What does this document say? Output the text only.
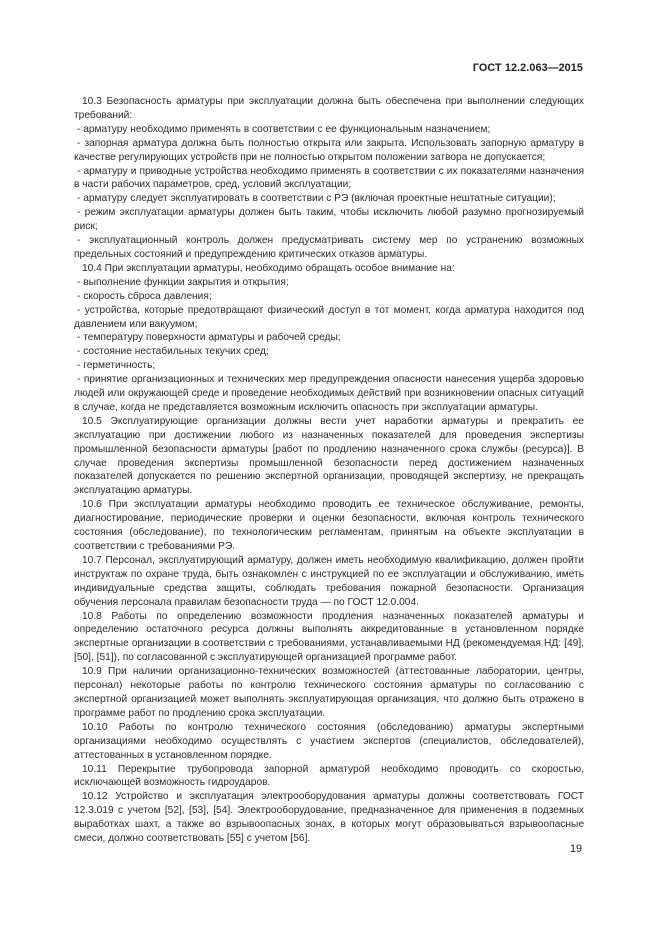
ГОСТ 12.2.063—2015

10.3 Безопасность арматуры при эксплуатации должна быть обеспечена при выполнении следующих требований:

- арматуру необходимо применять в соответствии с ее функциональным назначением;

- запорная арматура должна быть полностью открыта или закрыта. Использовать запорную арматуру в качестве регулирующих устройств при не полностью открытом положении затвора не допускается;

- арматуру и приводные устройства необходимо применять в соответствии с их показателями назначения в части рабочих параметров, сред, условий эксплуатации;

- арматуру следует эксплуатировать в соответствии с РЭ (включая проектные нештатные ситуации);

- режим эксплуатации арматуры должен быть таким, чтобы исключить любой разумно прогнозируемый риск;

- эксплуатационный контроль должен предусматривать систему мер по устранению возможных предельных состояний и предупреждению критических отказов арматуры.

10.4 При эксплуатации арматуры, необходимо обращать особое внимание на:

- выполнение функции закрытия и открытия;

- скорость сброса давления;

- устройства, которые предотвращают физический доступ в тот момент, когда арматура находится под давлением или вакуумом;

- температуру поверхности арматуры и рабочей среды;

- состояние нестабильных текучих сред;

- герметичность;

- принятие организационных и технических мер предупреждения опасности нанесения ущерба здоровью людей или окружающей среде и проведение необходимых действий при возникновении опасных ситуаций в случае, когда не представляется возможным исключить опасность при эксплуатации арматуры.

10.5 Эксплуатирующие организации должны вести учет наработки арматуры и прекратить ее эксплуатацию при достижении любого из назначенных показателей для проведения экспертизы промышленной безопасности арматуры [работ по продлению назначенного срока службы (ресурса)]. В случае проведения экспертизы промышленной безопасности перед достижением назначенных показателей допускается по решению экспертной организации, проводящей экспертизу, не прекращать эксплуатацию арматуры.

10.6 При эксплуатации арматуры необходимо проводить ее техническое обслуживание, ремонты, диагностирование, периодические проверки и оценки безопасности, включая контроль технического состояния (обследование), по технологическим регламентам, принятым на объекте эксплуатации в соответствии с требованиями РЭ.

10.7 Персонал, эксплуатирующий арматуру, должен иметь необходимую квалификацию, должен пройти инструктаж по охране труда, быть ознакомлен с инструкцией по ее эксплуатации и обслуживанию, иметь индивидуальные средства защиты, соблюдать требования пожарной безопасности. Организация обучения персонала правилам безопасности труда — по ГОСТ 12.0.004.

10.8 Работы по определению возможности продления назначенных показателей арматуры и определению остаточного ресурса должны выполнять аккредитованные в установленном порядке экспертные организации в соответствии с требованиями, устанавливаемыми НД (рекомендуемая НД: [49], [50], [51]), по согласованной с эксплуатирующей организацией программе работ.

10.9 При наличии организационно-технических возможностей (аттестованные лаборатории, центры, персонал) некоторые работы по контролю технического состояния арматуры по согласованию с экспертной организацией может выполнять эксплуатирующая организация, что должно быть отражено в программе работ по продлению срока эксплуатации.

10.10 Работы по контролю технического состояния (обследованию) арматуры экспертными организациями необходимо осуществлять с участием экспертов (специалистов, обследователей), аттестованных в установленном порядке.

10.11 Перекрытие трубопровода запорной арматурой необходимо проводить со скоростью, исключающей возможность гидроударов.

10.12 Устройство и эксплуатация электрооборудования арматуры должны соответствовать ГОСТ 12.3.019 с учетом [52], [53], [54]. Электрооборудование, предназначенное для применения в подземных выработках шахт, а также во взрывоопасных зонах, в которых могут образовываться взрывоопасные смеси, должно соответствовать [55] с учетом [56].

19
